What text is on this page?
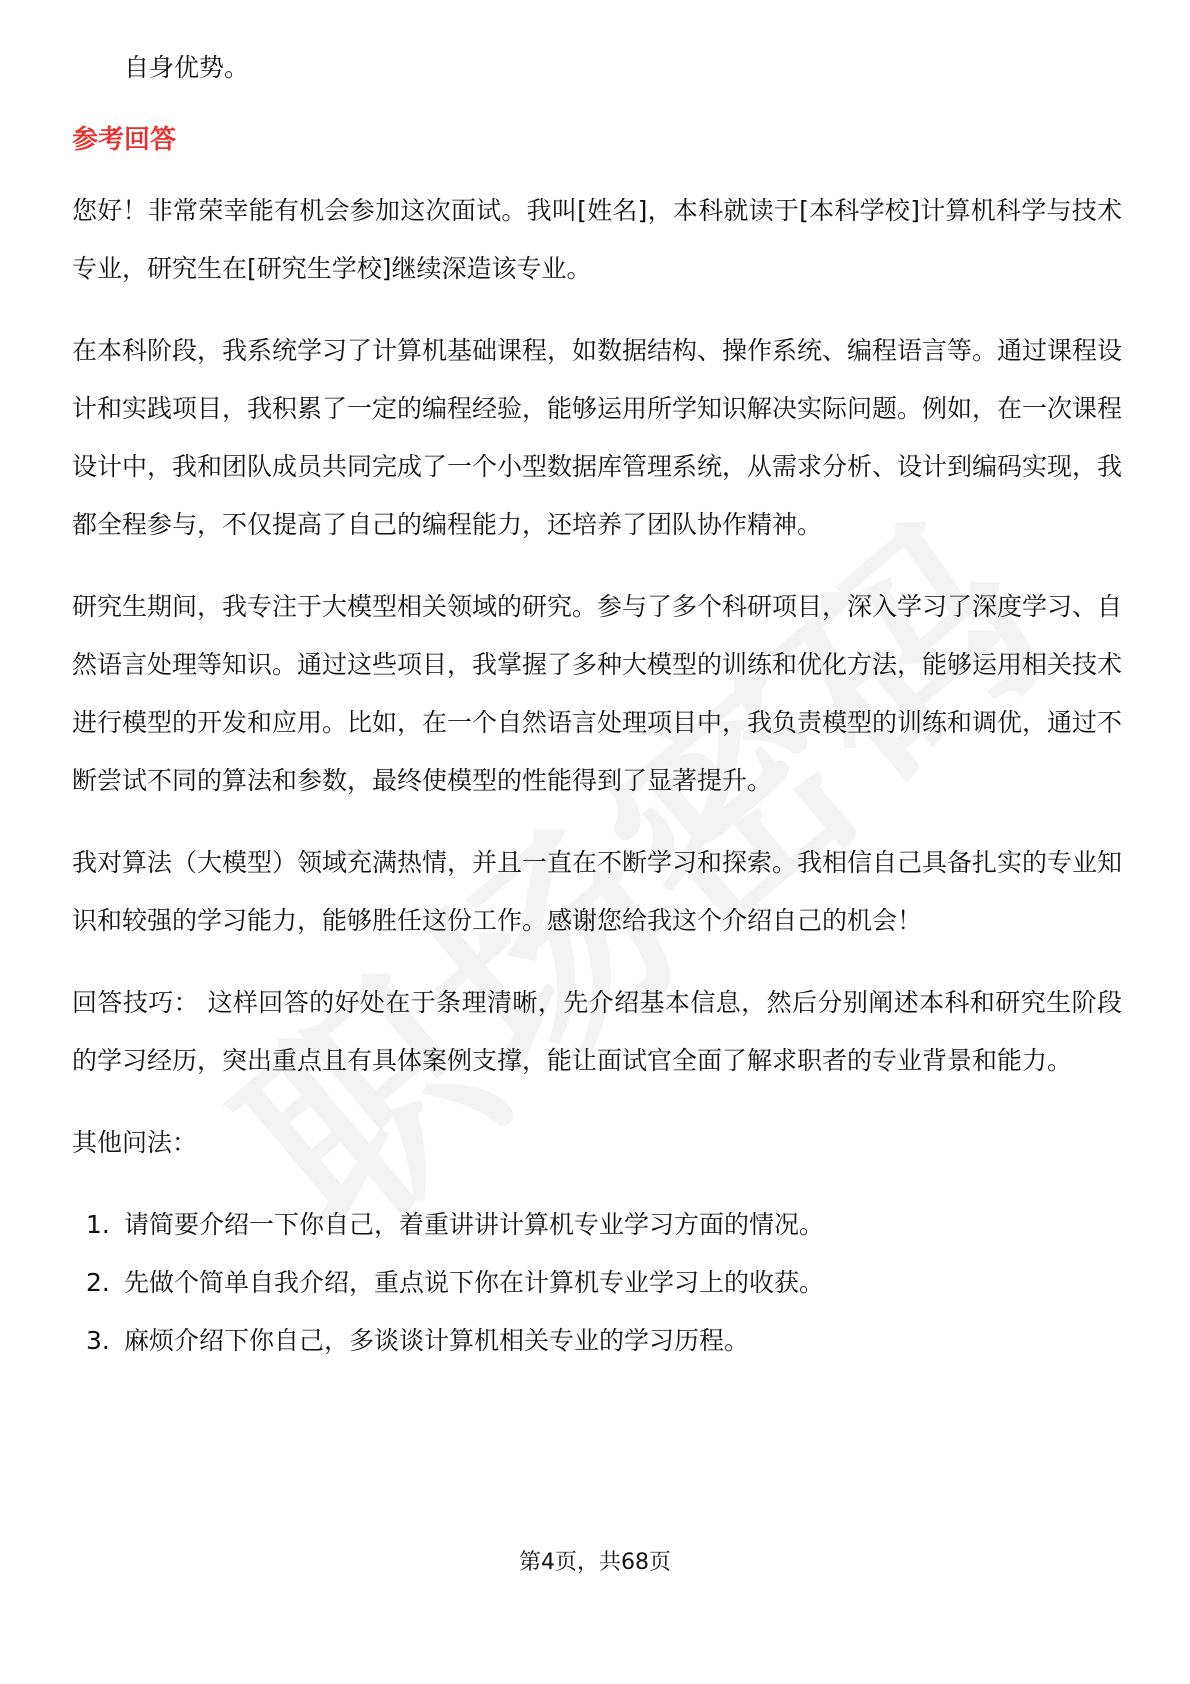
自身优势。

参考回答

您好！非常荣幸能有机会参加这次面试。我叫[姓名]，本科就读于[本科学校]计算机科学与技术专业，研究生在[研究生学校]继续深造该专业。

在本科阶段，我系统学习了计算机基础课程，如数据结构、操作系统、编程语言等。通过课程设计和实践项目，我积累了一定的编程经验，能够运用所学知识解决实际问题。例如，在一次课程设计中，我和团队成员共同完成了一个小型数据库管理系统，从需求分析、设计到编码实现，我都全程参与，不仅提高了自己的编程能力，还培养了团队协作精神。

研究生期间，我专注于大模型相关领域的研究。参与了多个科研项目，深入学习了深度学习、自然语言处理等知识。通过这些项目，我掌握了多种大模型的训练和优化方法，能够运用相关技术进行模型的开发和应用。比如，在一个自然语言处理项目中，我负责模型的训练和调优，通过不断尝试不同的算法和参数，最终使模型的性能得到了显著提升。

我对算法（大模型）领域充满热情，并且一直在不断学习和探索。我相信自己具备扎实的专业知识和较强的学习能力，能够胜任这份工作。感谢您给我这个介绍自己的机会！

回答技巧： 这样回答的好处在于条理清晰，先介绍基本信息，然后分别阐述本科和研究生阶段的学习经历，突出重点且有具体案例支撑，能让面试官全面了解求职者的专业背景和能力。

其他问法：

1. 请简要介绍一下你自己，着重讲讲计算机专业学习方面的情况。
2. 先做个简单自我介绍，重点说下你在计算机专业学习上的收获。
3. 麻烦介绍下你自己，多谈谈计算机相关专业的学习历程。
第4页，共68页
